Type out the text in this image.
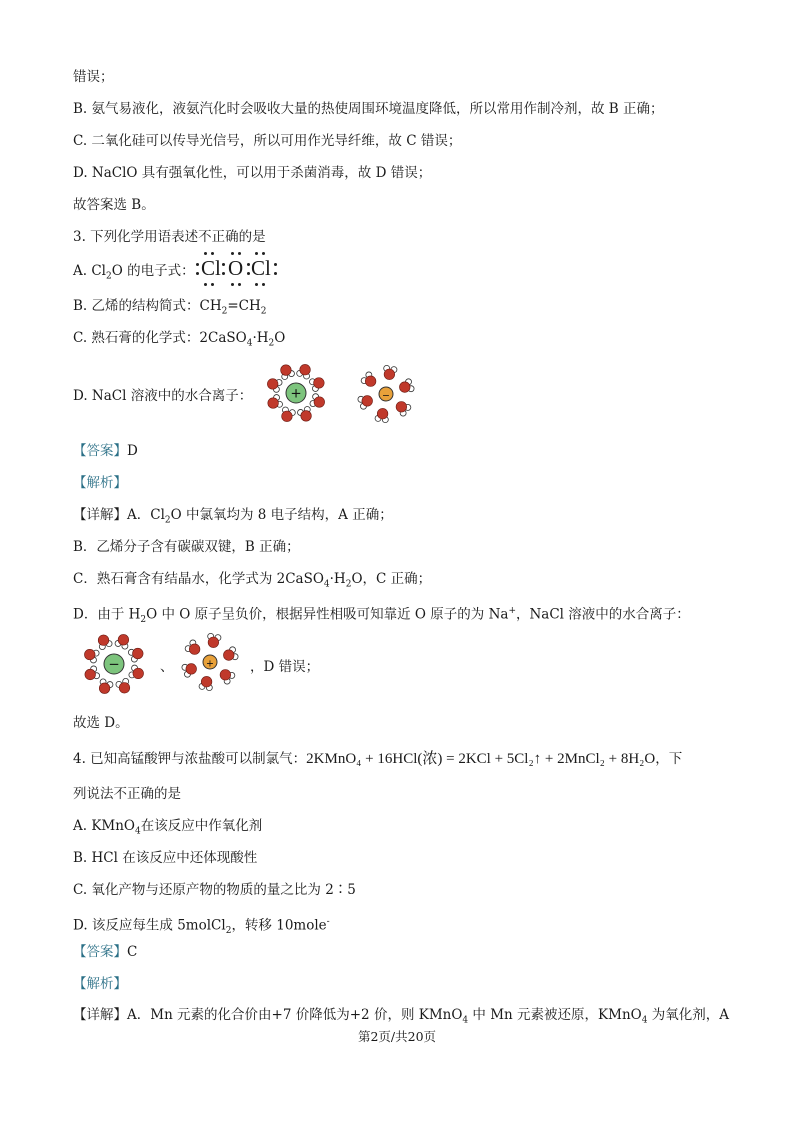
错误；
B. 氨气易液化，液氨汽化时会吸收大量的热使周围环境温度降低，所以常用作制冷剂，故 B 正确；
C. 二氧化硅可以传导光信号，所以可用作光导纤维，故 C 错误；
D. NaClO 具有强氧化性，可以用于杀菌消毒，故 D 错误；
故答案选 B。
3. 下列化学用语表述不正确的是
A. $Cl_2O$ 的电子式： Cl O Cl
B. 乙烯的结构简式：$CH_2=CH_2$
C. 熟石膏的化学式：$2CaSO_4\cdot H_2O$
D. NaCl 溶液中的水合离子：	+	−
【答案】D
【解析】
【详解】A．$Cl_2O$ 中氯氧均为 8 电子结构，A 正确；
B．乙烯分子含有碳碳双键，B 正确；
C．熟石膏含有结晶水，化学式为 $2CaSO_4\cdot H_2O$，C 正确；
D．由于 $H_2O$ 中 O 原子呈负价，根据异性相吸可知靠近 O 原子的为 Na+，NaCl 溶液中的水合离子：
−	、	+	，D 错误；
故选 D。
4. 已知高锰酸钾与浓盐酸可以制氯气：2KMnO₄ + 16HCl(浓) = 2KCl + 5Cl₂↑ + 2MnCl₂ + 8H₂O，下
列说法不正确的是
A. KMnO$_4$在该反应中作氧化剂
B. HCl 在该反应中还体现酸性
C. 氧化产物与还原产物的物质的量之比为 2∶5
D. 该反应每生成 5molCl$_2$，转移 10mole-
【答案】C
【解析】
【详解】A．Mn 元素的化合价由+7 价降低为+2 价，则 KMnO$_4$ 中 Mn 元素被还原，KMnO$_4$ 为氧化剂，A
第2页/共20页
